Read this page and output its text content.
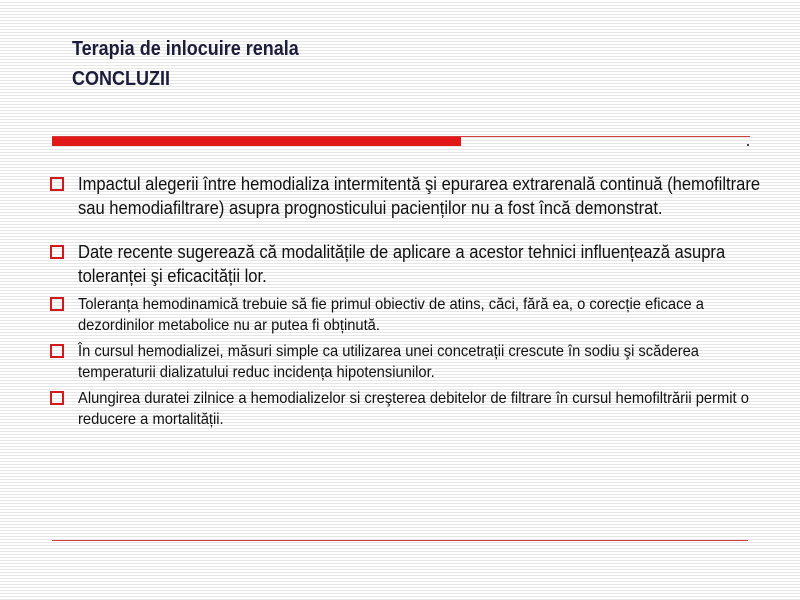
Terapia de inlocuire renala
CONCLUZII
Impactul alegerii între hemodializa intermitentă şi epurarea extrarenală continuă (hemofiltrare sau hemodiafiltrare) asupra prognosticului pacienților nu a fost încă demonstrat.
Date recente sugerează că modalitățile de aplicare a acestor tehnici influențează asupra toleranței şi eficacității lor.
Toleranța hemodinamică trebuie să fie primul obiectiv de atins, căci, fără ea, o corecție eficace a dezordinilor metabolice nu ar putea fi obținută.
În cursul hemodializei, măsuri simple ca utilizarea unei concetrații crescute în sodiu şi scăderea temperaturii dializatului reduc incidența hipotensiunilor.
Alungirea duratei zilnice a hemodializelor si creşterea debitelor de filtrare în cursul hemofiltrării permit o reducere a mortalității.
